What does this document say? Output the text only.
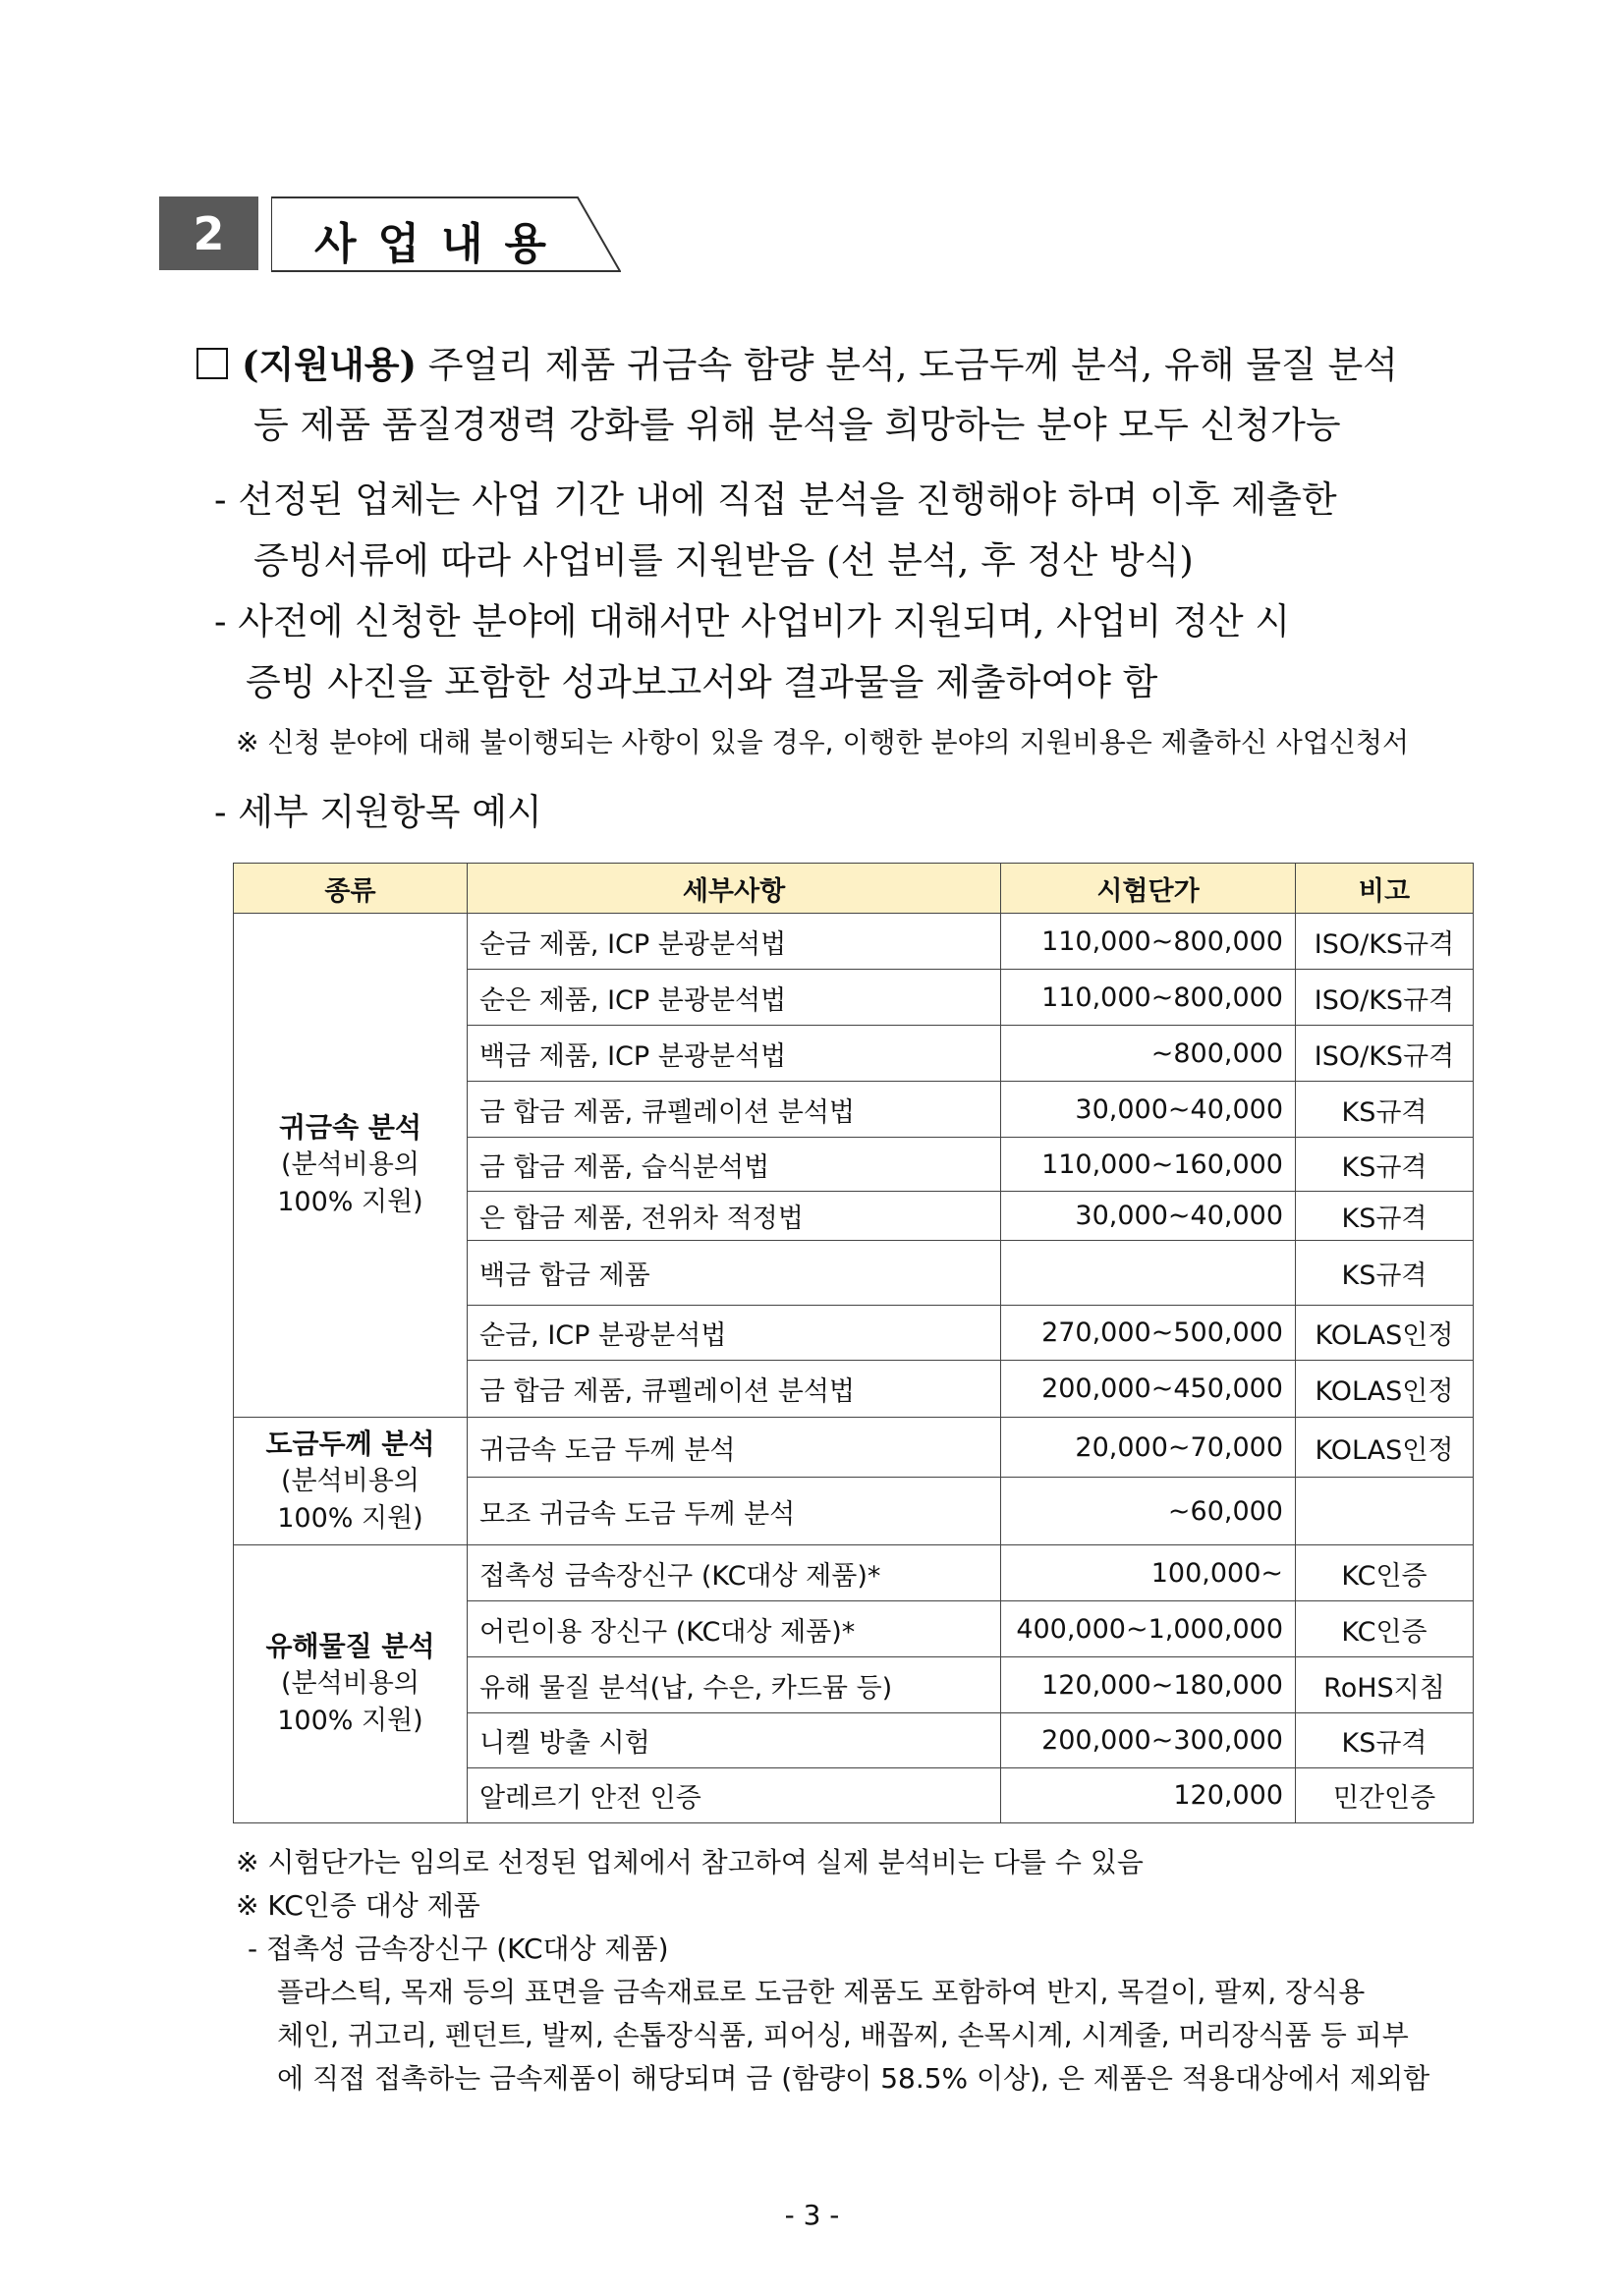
2	사업내용
(지원내용) 주얼리 제품 귀금속 함량 분석, 도금두께 분석, 유해 물질 분석
등 제품 품질경쟁력 강화를 위해 분석을 희망하는 분야 모두 신청가능
- 선정된 업체는 사업 기간 내에 직접 분석을 진행해야 하며 이후 제출한
증빙서류에 따라 사업비를 지원받음 (선 분석, 후 정산 방식)
- 사전에 신청한 분야에 대해서만 사업비가 지원되며, 사업비 정산 시
증빙 사진을 포함한 성과보고서와 결과물을 제출하여야 함
※ 신청 분야에 대해 불이행되는 사항이 있을 경우, 이행한 분야의 지원비용은 제출하신 사업신청서
- 세부 지원항목 예시
종류	세부사항	시험단가	비고

귀금속 분석
(분석비용의
100% 지원)	순금 제품, ICP 분광분석법	110,000~800,000	ISO/KS규격
	순은 제품, ICP 분광분석법	110,000~800,000	ISO/KS규격
	백금 제품, ICP 분광분석법	~800,000	ISO/KS규격
	금 합금 제품, 큐펠레이션 분석법	30,000~40,000	KS규격
	금 합금 제품, 습식분석법	110,000~160,000	KS규격
	은 합금 제품, 전위차 적정법	30,000~40,000	KS규격
	백금 합금 제품		KS규격
	순금, ICP 분광분석법	270,000~500,000	KOLAS인정
	금 합금 제품, 큐펠레이션 분석법	200,000~450,000	KOLAS인정

도금두께 분석
(분석비용의
100% 지원)	귀금속 도금 두께 분석	20,000~70,000	KOLAS인정
	모조 귀금속 도금 두께 분석	~60,000	

유해물질 분석
(분석비용의
100% 지원)	접촉성 금속장신구 (KC대상 제품)*	100,000~	KC인증
	어린이용 장신구 (KC대상 제품)*	400,000~1,000,000	KC인증
	유해 물질 분석(납, 수은, 카드뮴 등)	120,000~180,000	RoHS지침
	니켈 방출 시험	200,000~300,000	KS규격
	알레르기 안전 인증	120,000	민간인증
※ 시험단가는 임의로 선정된 업체에서 참고하여 실제 분석비는 다를 수 있음
※ KC인증 대상 제품
- 접촉성 금속장신구 (KC대상 제품)
플라스틱, 목재 등의 표면을 금속재료로 도금한 제품도 포함하여 반지, 목걸이, 팔찌, 장식용
체인, 귀고리, 펜던트, 발찌, 손톱장식품, 피어싱, 배꼽찌, 손목시계, 시계줄, 머리장식품 등 피부
에 직접 접촉하는 금속제품이 해당되며 금 (함량이 58.5% 이상), 은 제품은 적용대상에서 제외함
- 3 -
